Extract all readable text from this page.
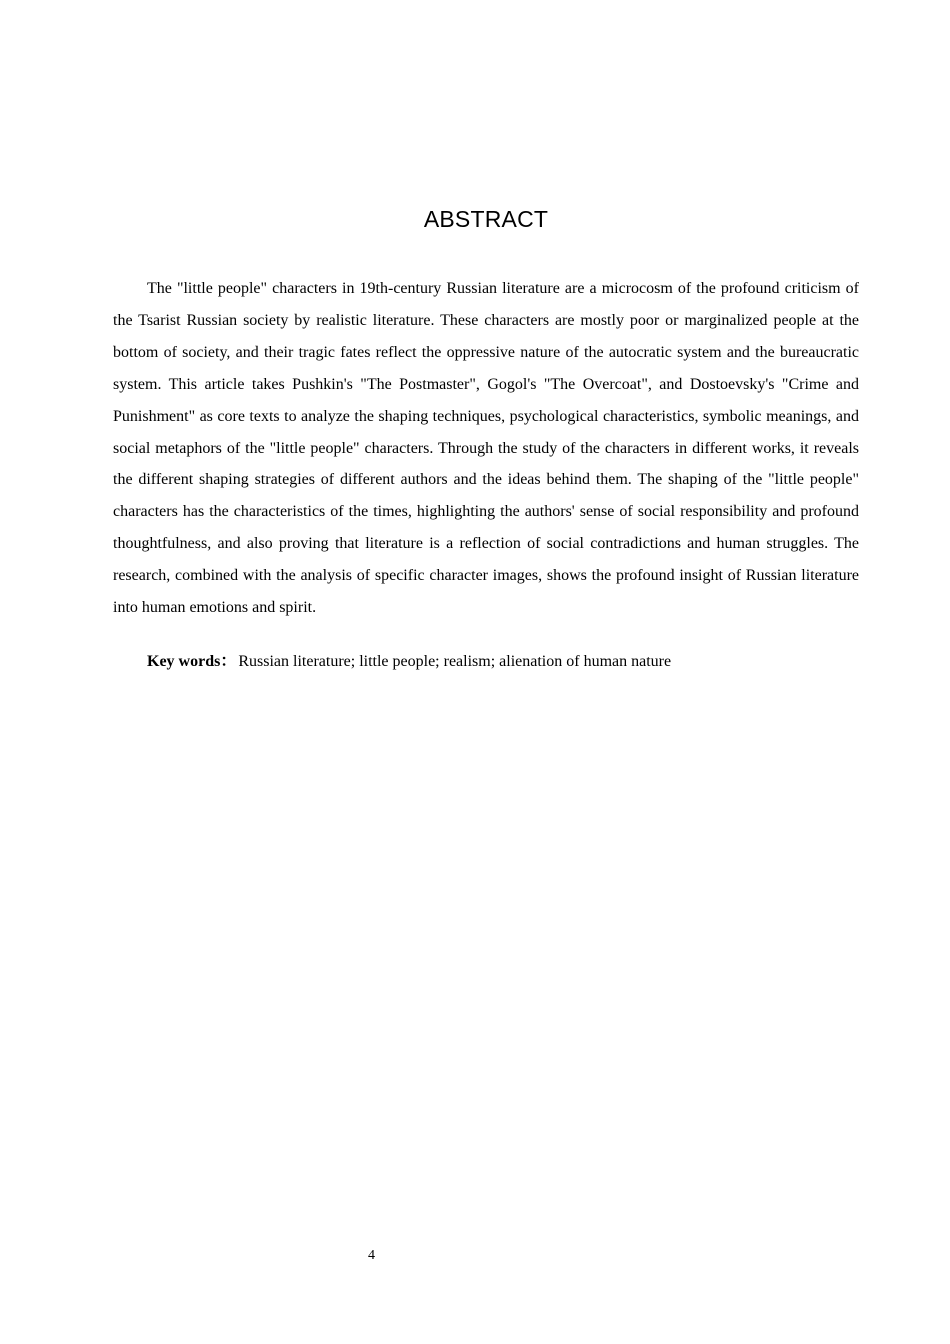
ABSTRACT

The "little people" characters in 19th-century Russian literature are a microcosm of the profound criticism of the Tsarist Russian society by realistic literature. These characters are mostly poor or marginalized people at the bottom of society, and their tragic fates reflect the oppressive nature of the autocratic system and the bureaucratic system. This article takes Pushkin's "The Postmaster", Gogol's "The Overcoat", and Dostoevsky's "Crime and Punishment" as core texts to analyze the shaping techniques, psychological characteristics, symbolic meanings, and social metaphors of the "little people" characters. Through the study of the characters in different works, it reveals the different shaping strategies of different authors and the ideas behind them. The shaping of the "little people" characters has the characteristics of the times, highlighting the authors' sense of social responsibility and profound thoughtfulness, and also proving that literature is a reflection of social contradictions and human struggles. The research, combined with the analysis of specific character images, shows the profound insight of Russian literature into human emotions and spirit.

Key words： Russian literature; little people; realism; alienation of human nature

4
